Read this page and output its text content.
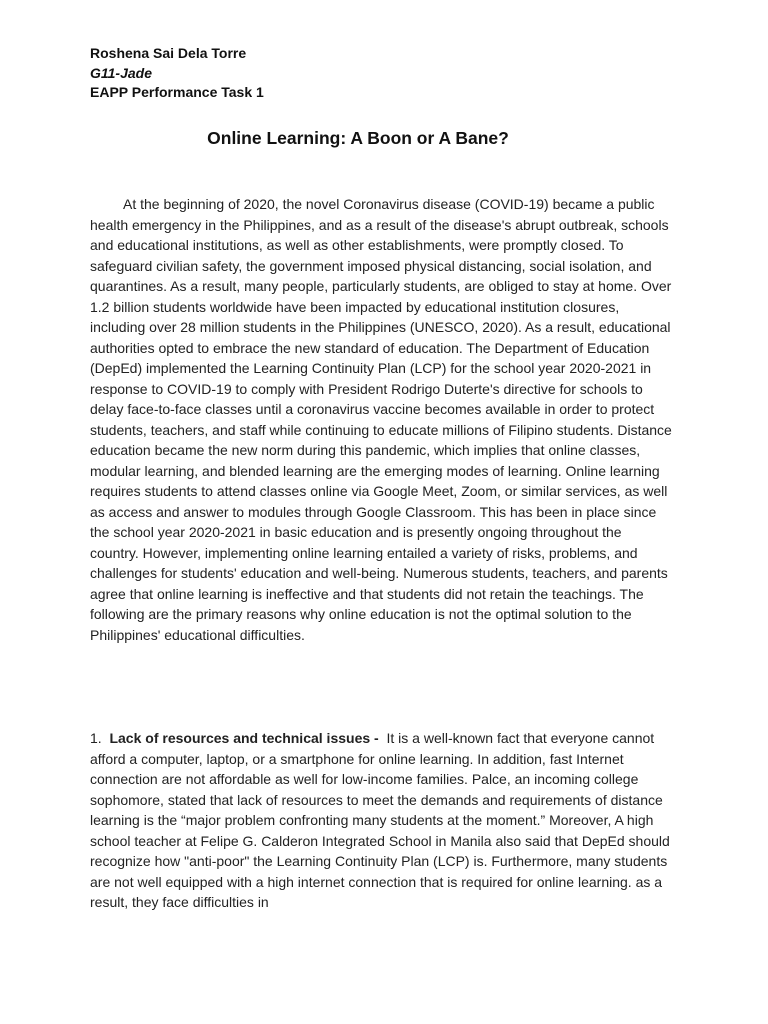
Roshena Sai Dela Torre
G11-Jade
EAPP Performance Task 1
Online Learning: A Boon or A Bane?

At the beginning of 2020, the novel Coronavirus disease (COVID-19) became a public health emergency in the Philippines, and as a result of the disease's abrupt outbreak, schools and educational institutions, as well as other establishments, were promptly closed. To safeguard civilian safety, the government imposed physical distancing, social isolation, and quarantines. As a result, many people, particularly students, are obliged to stay at home. Over 1.2 billion students worldwide have been impacted by educational institution closures, including over 28 million students in the Philippines (UNESCO, 2020). As a result, educational authorities opted to embrace the new standard of education. The Department of Education (DepEd) implemented the Learning Continuity Plan (LCP) for the school year 2020-2021 in response to COVID-19 to comply with President Rodrigo Duterte's directive for schools to delay face-to-face classes until a coronavirus vaccine becomes available in order to protect students, teachers, and staff while continuing to educate millions of Filipino students. Distance education became the new norm during this pandemic, which implies that online classes, modular learning, and blended learning are the emerging modes of learning. Online learning requires students to attend classes online via Google Meet, Zoom, or similar services, as well as access and answer to modules through Google Classroom. This has been in place since the school year 2020-2021 in basic education and is presently ongoing throughout the country. However, implementing online learning entailed a variety of risks, problems, and challenges for students' education and well-being. Numerous students, teachers, and parents agree that online learning is ineffective and that students did not retain the teachings. The following are the primary reasons why online education is not the optimal solution to the Philippines' educational difficulties.

1. Lack of resources and technical issues - It is a well-known fact that everyone cannot afford a computer, laptop, or a smartphone for online learning. In addition, fast Internet connection are not affordable as well for low-income families. Palce, an incoming college sophomore, stated that lack of resources to meet the demands and requirements of distance learning is the “major problem confronting many students at the moment.” Moreover, A high school teacher at Felipe G. Calderon Integrated School in Manila also said that DepEd should recognize how "anti-poor" the Learning Continuity Plan (LCP) is. Furthermore, many students are not well equipped with a high internet connection that is required for online learning. as a result, they face difficulties in
